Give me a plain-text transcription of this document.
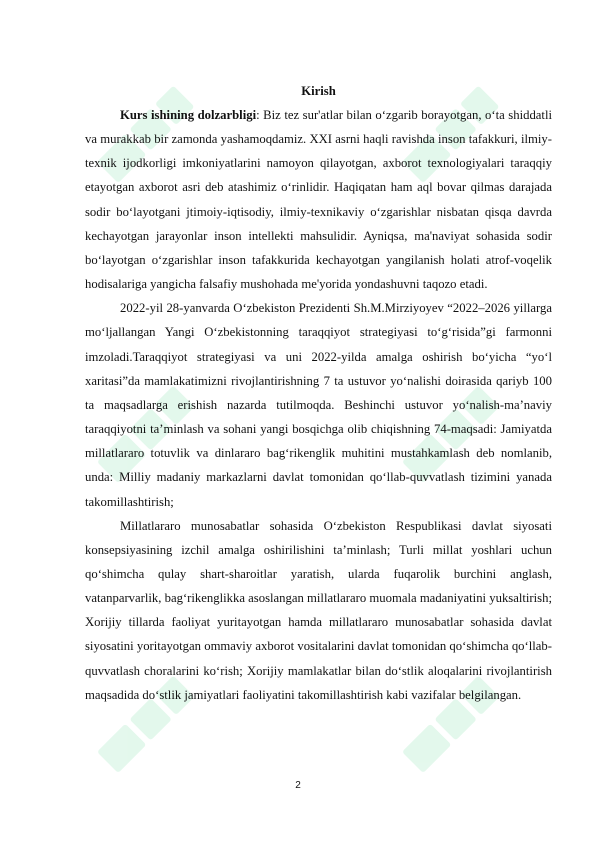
Kirish

Kurs ishining dolzarbligi: Biz tez sur'atlar bilan o‘zgarib borayotgan, o‘ta shiddatli va murakkab bir zamonda yashamoqdamiz. XXI asrni haqli ravishda inson tafakkuri, ilmiy-texnik ijodkorligi imkoniyatlarini namoyon qilayotgan, axborot texnologiyalari taraqqiy etayotgan axborot asri deb atashimiz o‘rinlidir. Haqiqatan ham aql bovar qilmas darajada sodir bo‘layotgani jtimoiy-iqtisodiy, ilmiy-texnikaviy o‘zgarishlar nisbatan qisqa davrda kechayotgan jarayonlar inson intellekti mahsulidir. Ayniqsa, ma'naviyat sohasida sodir bo‘layotgan o‘zgarishlar inson tafakkurida kechayotgan yangilanish holati atrof-voqelik hodisalariga yangicha falsafiy mushohada me'yorida yondashuvni taqozo etadi.

2022-yil 28-yanvarda O‘zbekiston Prezidenti Sh.M.Mirziyoyev “2022–2026 yillarga mo‘ljallangan Yangi O‘zbekistonning taraqqiyot strategiyasi to‘g‘risida”gi farmonni imzoladi.Taraqqiyot strategiyasi va uni 2022-yilda amalga oshirish bo‘yicha “yo‘l xaritasi”da mamlakatimizni rivojlantirishning 7 ta ustuvor yo‘nalishi doirasida qariyb 100 ta maqsadlarga erishish nazarda tutilmoqda. Beshinchi ustuvor yo‘nalish-ma’naviy taraqqiyotni ta’minlash va sohani yangi bosqichga olib chiqishning 74-maqsadi: Jamiyatda millatlararo totuvlik va dinlararo bag‘rikenglik muhitini mustahkamlash deb nomlanib, unda: Milliy madaniy markazlarni davlat tomonidan qo‘llab-quvvatlash tizimini yanada takomillashtirish;

Millatlararo munosabatlar sohasida O‘zbekiston Respublikasi davlat siyosati konsepsiyasining izchil amalga oshirilishini ta’minlash; Turli millat yoshlari uchun qo‘shimcha qulay shart-sharoitlar yaratish, ularda fuqarolik burchini anglash, vatanparvarlik, bag‘rikenglikka asoslangan millatlararo muomala madaniyatini yuksaltirish; Xorijiy tillarda faoliyat yuritayotgan hamda millatlararo munosabatlar sohasida davlat siyosatini yoritayotgan ommaviy axborot vositalarini davlat tomonidan qo‘shimcha qo‘llab-quvvatlash choralarini ko‘rish; Xorijiy mamlakatlar bilan do‘stlik aloqalarini rivojlantirish maqsadida do‘stlik jamiyatlari faoliyatini takomillashtirish kabi vazifalar belgilangan.

2
